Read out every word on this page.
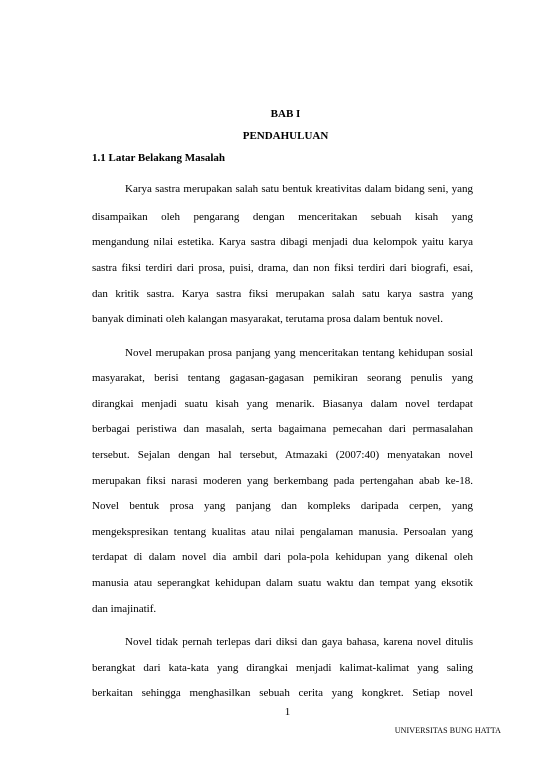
BAB I
PENDAHULUAN
1.1 Latar Belakang Masalah
Karya sastra merupakan salah satu bentuk kreativitas dalam bidang seni, yang
disampaikan oleh pengarang dengan menceritakan sebuah kisah yang
mengandung nilai estetika. Karya sastra dibagi menjadi dua kelompok yaitu karya
sastra fiksi terdiri dari prosa, puisi, drama, dan non fiksi terdiri dari biografi, esai,
dan kritik sastra. Karya sastra fiksi merupakan salah satu karya sastra yang
banyak diminati oleh kalangan masyarakat, terutama prosa dalam bentuk novel.
Novel merupakan prosa panjang yang menceritakan tentang kehidupan sosial
masyarakat, berisi tentang gagasan-gagasan pemikiran seorang penulis yang
dirangkai menjadi suatu kisah yang menarik. Biasanya dalam novel terdapat
berbagai peristiwa dan masalah, serta bagaimana pemecahan dari permasalahan
tersebut. Sejalan dengan hal tersebut, Atmazaki (2007:40) menyatakan novel
merupakan fiksi narasi moderen yang berkembang pada pertengahan abab ke-18.
Novel bentuk prosa yang panjang dan kompleks daripada cerpen, yang
mengekspresikan tentang kualitas atau nilai pengalaman manusia. Persoalan yang
terdapat di dalam novel dia ambil dari pola-pola kehidupan yang dikenal oleh
manusia atau seperangkat kehidupan dalam suatu waktu dan tempat yang eksotik
dan imajinatif.
Novel tidak pernah terlepas dari diksi dan gaya bahasa, karena novel ditulis
berangkat dari kata-kata yang dirangkai menjadi kalimat-kalimat yang saling
berkaitan sehingga menghasilkan sebuah cerita yang kongkret. Setiap novel
1
UNIVERSITAS BUNG HATTA
